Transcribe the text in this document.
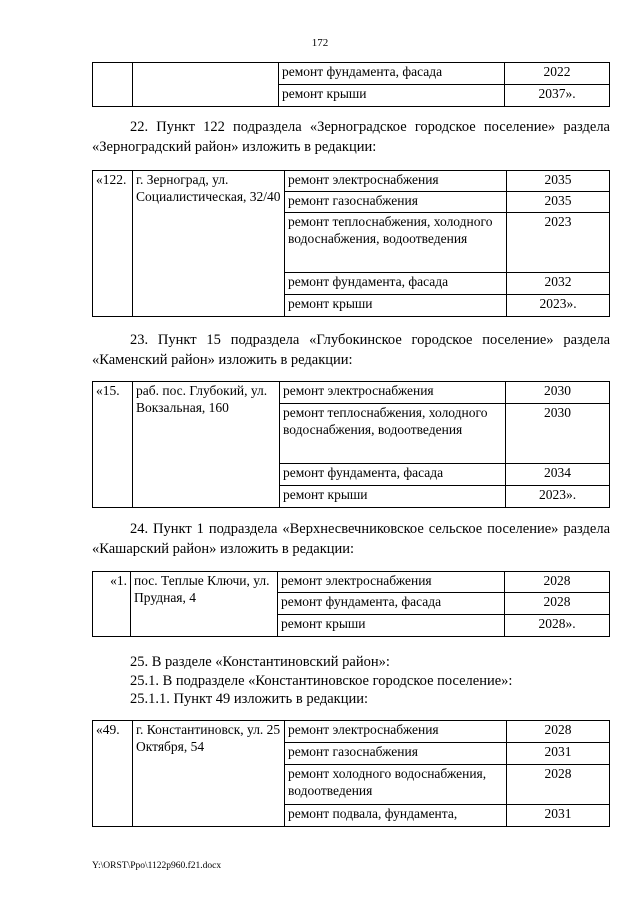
172
		ремонт фундамента, фасада	2022
		ремонт крыши	2037».

22. Пункт 122 подраздела «Зерноградское городское поселение» раздела «Зерноградский район» изложить в редакции:

«122.	г. Зерноград, ул. Социалистическая, 32/40	ремонт электроснабжения	2035
		ремонт газоснабжения	2035
		ремонт теплоснабжения, холодного водоснабжения, водоотведения	2023
		ремонт фундамента, фасада	2032
		ремонт крыши	2023».

23. Пункт 15 подраздела «Глубокинское городское поселение» раздела «Каменский район» изложить в редакции:

«15.	раб. пос. Глубокий, ул. Вокзальная, 160	ремонт электроснабжения	2030
		ремонт теплоснабжения, холодного водоснабжения, водоотведения	2030
		ремонт фундамента, фасада	2034
		ремонт крыши	2023».

24. Пункт 1 подраздела «Верхнесвечниковское сельское поселение» раздела «Кашарский район» изложить в редакции:

«1.	пос. Теплые Ключи, ул. Прудная, 4	ремонт электроснабжения	2028
		ремонт фундамента, фасада	2028
		ремонт крыши	2028».
25. В разделе «Константиновский район»:
25.1. В подразделе «Константиновское городское поселение»:
25.1.1. Пункт 49 изложить в редакции:
«49.	г. Константиновск, ул. 25 Октября, 54	ремонт электроснабжения	2028
		ремонт газоснабжения	2031
		ремонт холодного водоснабжения, водоотведения	2028
		ремонт подвала, фундамента,	2031
Y:\ORST\Ppo\1122p960.f21.docx
